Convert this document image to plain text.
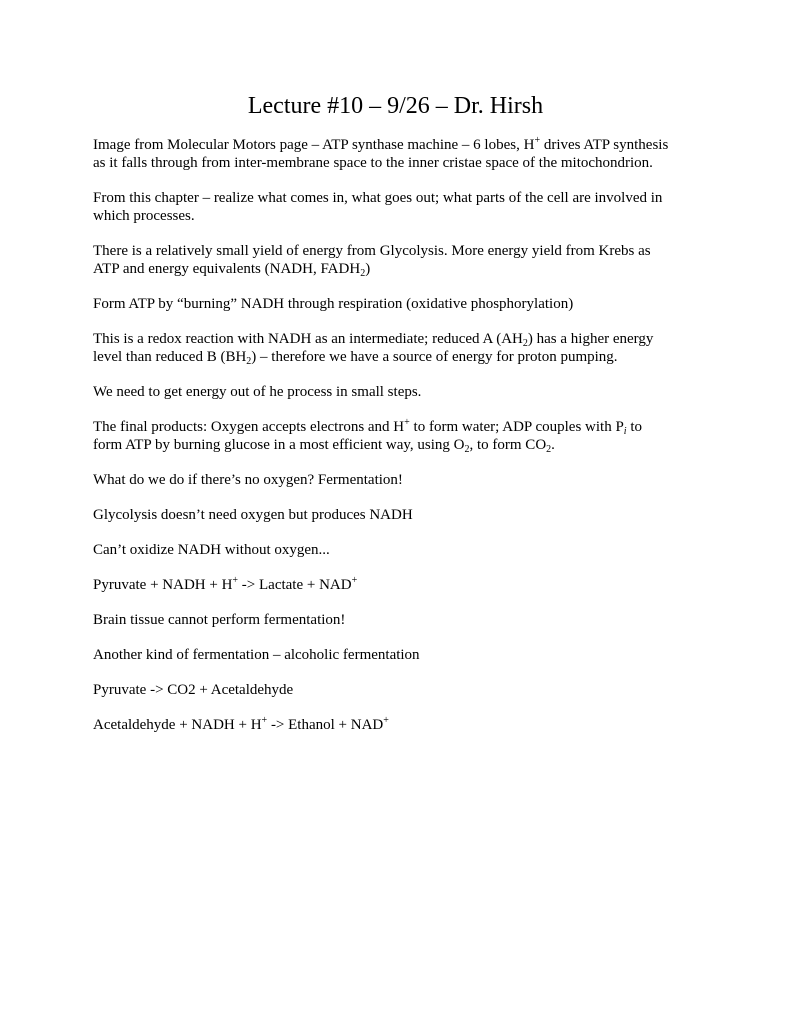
Lecture #10 – 9/26 – Dr. Hirsh
Image from Molecular Motors page – ATP synthase machine – 6 lobes, H+ drives ATP synthesis
as it falls through from inter-membrane space to the inner cristae space of the mitochondrion.
From this chapter – realize what comes in, what goes out; what parts of the cell are involved in
which processes.
There is a relatively small yield of energy from Glycolysis. More energy yield from Krebs as
ATP and energy equivalents (NADH, $FADH_2$)
Form ATP by “burning” NADH through respiration (oxidative phosphorylation)
This is a redox reaction with NADH as an intermediate; reduced A $(AH_2)$ has a higher energy
level than reduced B $(BH_2)$ – therefore we have a source of energy for proton pumping.
We need to get energy out of he process in small steps.
The final products: Oxygen accepts electrons and H+ to form water; ADP couples with $P_i$ to
form ATP by burning glucose in a most efficient way, using $O_2$, to form $CO_2$.
What do we do if there’s no oxygen? Fermentation!
Glycolysis doesn’t need oxygen but produces NADH
Can’t oxidize NADH without oxygen...
Pyruvate + NADH + H+ -> Lactate + NAD+
Brain tissue cannot perform fermentation!
Another kind of fermentation – alcoholic fermentation
Pyruvate -> CO2 + Acetaldehyde
Acetaldehyde + NADH + H+ -> Ethanol + NAD+
